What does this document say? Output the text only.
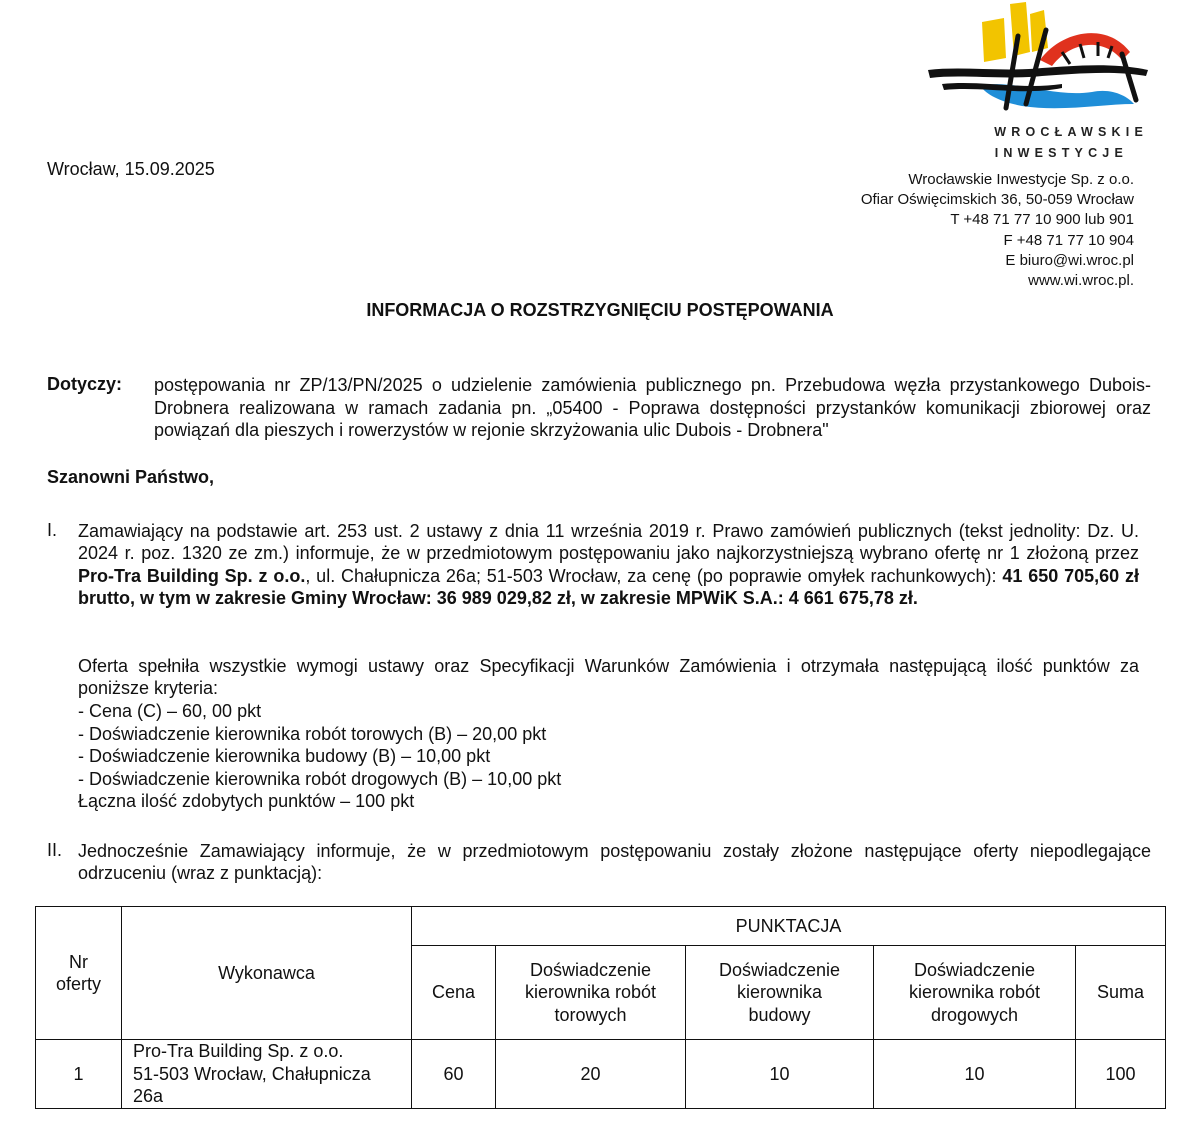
WROCŁAWSKIE
INWESTYCJE
Wrocławskie Inwestycje Sp. z o.o.
Ofiar Oświęcimskich 36, 50-059 Wrocław
T +48 71 77 10 900 lub 901
F +48 71 77 10 904
E biuro@wi.wroc.pl
www.wi.wroc.pl.
Wrocław, 15.09.2025
INFORMACJA O ROZSTRZYGNIĘCIU POSTĘPOWANIA
Dotyczy: postępowania nr ZP/13/PN/2025 o udzielenie zamówienia publicznego pn. Przebudowa węzła przystankowego Dubois-Drobnera realizowana w ramach zadania pn. „05400 - Poprawa dostępności przystanków komunikacji zbiorowej oraz powiązań dla pieszych i rowerzystów w rejonie skrzyżowania ulic Dubois - Drobnera"
Szanowni Państwo,
I. Zamawiający na podstawie art. 253 ust. 2 ustawy z dnia 11 września 2019 r. Prawo zamówień publicznych (tekst jednolity: Dz. U. 2024 r. poz. 1320 ze zm.) informuje, że w przedmiotowym postępowaniu jako najkorzystniejszą wybrano ofertę nr 1 złożoną przez Pro-Tra Building Sp. z o.o., ul. Chałupnicza 26a; 51-503 Wrocław, za cenę (po poprawie omyłek rachunkowych): 41 650 705,60 zł brutto, w tym w zakresie Gminy Wrocław: 36 989 029,82 zł, w zakresie MPWiK S.A.: 4 661 675,78 zł.
Oferta spełniła wszystkie wymogi ustawy oraz Specyfikacji Warunków Zamówienia i otrzymała następującą ilość punktów za poniższe kryteria:
- Cena (C) – 60, 00 pkt
- Doświadczenie kierownika robót torowych (B) – 20,00 pkt
- Doświadczenie kierownika budowy (B) – 10,00 pkt
- Doświadczenie kierownika robót drogowych (B) – 10,00 pkt
Łączna ilość zdobytych punktów – 100 pkt
II. Jednocześnie Zamawiający informuje, że w przedmiotowym postępowaniu zostały złożone następujące oferty niepodlegające odrzuceniu (wraz z punktacją):
Nr oferty	Wykonawca	PUNKTACJA				
		Cena	Doświadczenie kierownika robót torowych	Doświadczenie kierownika budowy	Doświadczenie kierownika robót drogowych	Suma
1	Pro-Tra Building Sp. z o.o.
51-503 Wrocław, Chałupnicza 26a	60	20	10	10	100
